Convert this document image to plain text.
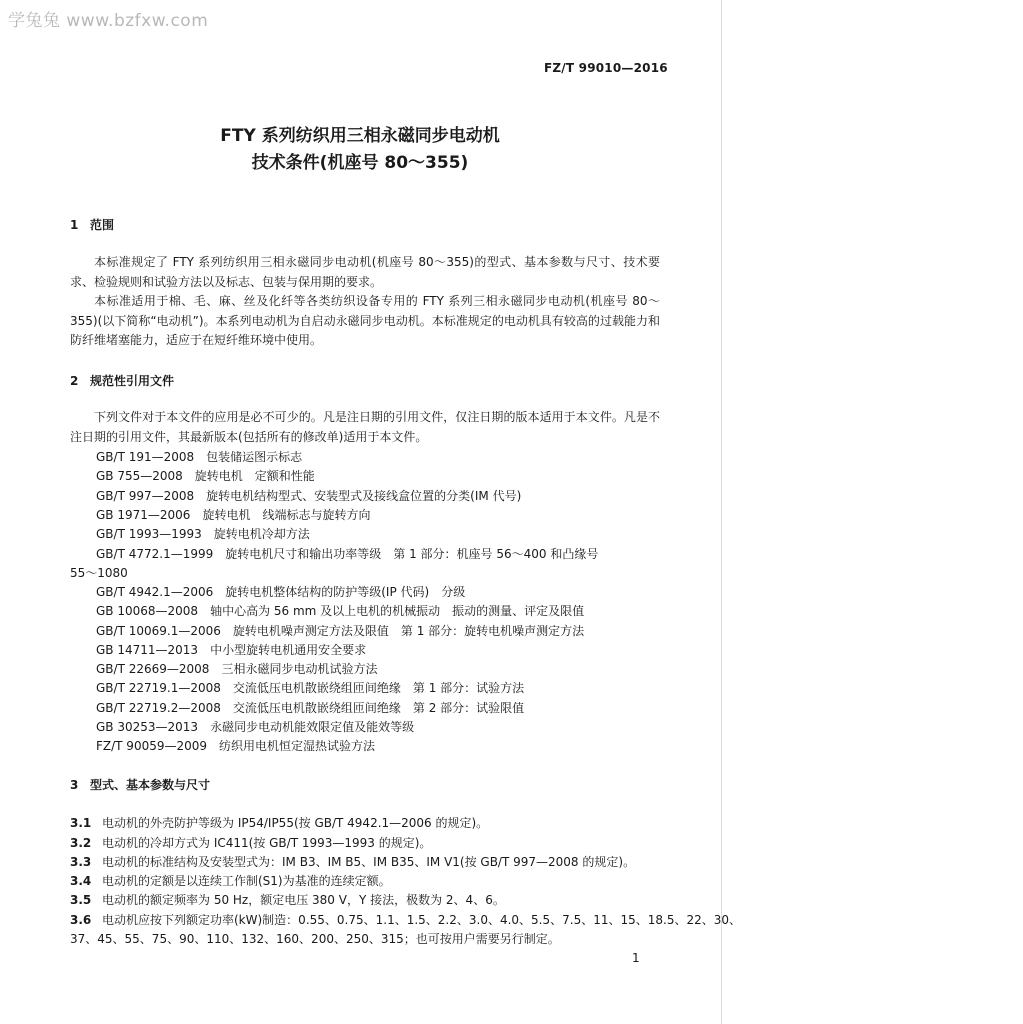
学兔兔 www.bzfxw.com
FZ/T 99010—2016
FTY 系列纺织用三相永磁同步电动机
技术条件(机座号 80～355)
1 范围
本标准规定了 FTY 系列纺织用三相永磁同步电动机(机座号 80～355)的型式、基本参数与尺寸、技术要求、检验规则和试验方法以及标志、包装与保用期的要求。
本标准适用于棉、毛、麻、丝及化纤等各类纺织设备专用的 FTY 系列三相永磁同步电动机(机座号 80～355)(以下简称“电动机”)。本系列电动机为自启动永磁同步电动机。本标准规定的电动机具有较高的过载能力和防纤维堵塞能力，适应于在短纤维环境中使用。
2 规范性引用文件
下列文件对于本文件的应用是必不可少的。凡是注日期的引用文件，仅注日期的版本适用于本文件。凡是不注日期的引用文件，其最新版本(包括所有的修改单)适用于本文件。
GB/T 191—2008 包装储运图示标志
GB 755—2008 旋转电机　定额和性能
GB/T 997—2008 旋转电机结构型式、安装型式及接线盒位置的分类(IM 代号)
GB 1971—2006 旋转电机　线端标志与旋转方向
GB/T 1993—1993 旋转电机冷却方法
GB/T 4772.1—1999 旋转电机尺寸和输出功率等级　第 1 部分：机座号 56～400 和凸缘号
55～1080
GB/T 4942.1—2006 旋转电机整体结构的防护等级(IP 代码)　分级
GB 10068—2008 轴中心高为 56 mm 及以上电机的机械振动　振动的测量、评定及限值
GB/T 10069.1—2006 旋转电机噪声测定方法及限值　第 1 部分：旋转电机噪声测定方法
GB 14711—2013 中小型旋转电机通用安全要求
GB/T 22669—2008 三相永磁同步电动机试验方法
GB/T 22719.1—2008 交流低压电机散嵌绕组匝间绝缘　第 1 部分：试验方法
GB/T 22719.2—2008 交流低压电机散嵌绕组匝间绝缘　第 2 部分：试验限值
GB 30253—2013 永磁同步电动机能效限定值及能效等级
FZ/T 90059—2009 纺织用电机恒定湿热试验方法
3 型式、基本参数与尺寸
3.1 电动机的外壳防护等级为 IP54/IP55(按 GB/T 4942.1—2006 的规定)。
3.2 电动机的冷却方式为 IC411(按 GB/T 1993—1993 的规定)。
3.3 电动机的标准结构及安装型式为：IM B3、IM B5、IM B35、IM V1(按 GB/T 997—2008 的规定)。
3.4 电动机的定额是以连续工作制(S1)为基准的连续定额。
3.5 电动机的额定频率为 50 Hz，额定电压 380 V，Y 接法，极数为 2、4、6。
3.6 电动机应按下列额定功率(kW)制造：0.55、0.75、1.1、1.5、2.2、3.0、4.0、5.5、7.5、11、15、18.5、22、30、
37、45、55、75、90、110、132、160、200、250、315；也可按用户需要另行制定。
1
